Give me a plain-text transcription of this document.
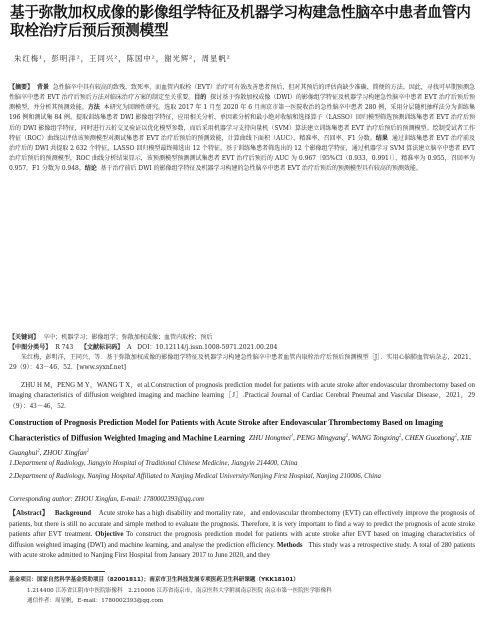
基于弥散加权成像的影像组学特征及机器学习构建急性脑卒中患者血管内取栓治疗后预后预测模型
朱红梅¹，彭明洋²，王同兴²，陈国中²，谢光辉²，周星帆²
【摘要】 背景 急性脑卒中具有较高的致残、致死率，而血管内取栓（EVT）治疗可有效改善患者预后，但对其预后的评估尚缺少准确、简便的方法。因此，寻找可早期预测急性脑卒中患者 EVT 治疗后预后方法对临床治疗方案的制定至关重要。目的 探讨基于弥散加权成像（DWI）的影像组学特征及机器学习构建急性脑卒中患者 EVT 治疗后预后预测模型，并分析其预测效能。方法 本研究为回顾性研究。选取 2017 年 1 月至 2020 年 6 月南京市第一医院收治的急性脑卒中患者 280 例，采用分层随机抽样法分为训练集 196 例和测试集 84 例。提取训练集患者 DWI 影像组学特征，应用相关分析、单因素分析和最小绝对收缩和选择算子（LASSO）回归模型筛选预测训练集患者 EVT 治疗后预后的 DWI 影像组学特征，同时进行五折交叉验证以优化模型参数，而后采用机器学习支持向量机（SVM）算法建立训练集患者 EVT 治疗后预后的预测模型。绘制受试者工作特征（ROC）曲线以评估该预测模型对测试集患者 EVT 治疗后预后的预测效能，计算曲线下面积（AUC）、精准率、召回率、F1 分数。结果 通过训练集患者 EVT 治疗前及治疗后的 DWI 共提取 2 632 个特征，LASSO 回归模型最终筛选出 12 个特征。基于训练集患者筛选出的 12 个影像组学特征，通过机器学习 SVM 算法建立脑卒中患者 EVT 治疗后预后的预测模型，ROC 曲线分析结果显示，该预测模型预测测试集患者 EVT 治疗后预后的 AUC 为 0.967〔95%CI（0.933，0.991）〕，精准率为 0.955，召回率为 0.957，F1 分数为 0.948。结论 基于治疗前后 DWI 的影像组学特征及机器学习构建的急性脑卒中患者 EVT 治疗后预后的预测模型具有较高的预测效能。
【关键词】 卒中；机器学习；影像组学；弥散加权成像；血管内取栓；预后
【中图分类号】 R 743 【文献标识码】 A DOI：10.12114/j.issn.1008-5971.2021.00.204
朱红梅，彭明洋，王同兴，等．基于弥散加权成像的影像组学特征及机器学习构建急性脑卒中患者血管内取栓治疗后预后预测模型［J］．实用心脑肺血管病杂志，2021，29（9）：43－46，52．[www.syxnf.net]
ZHU H M，PENG M Y，WANG T X，et al.Construction of prognosis prediction model for patients with acute stroke after endovascular thrombectomy based on imaging characteristics of diffusion weighted imaging and machine learning［J］.Practical Journal of Cardiac Cerebral Pneumal and Vascular Disease，2021，29（9）：43－46，52.
Construction of Prognosis Prediction Model for Patients with Acute Stroke after Endovascular Thrombectomy Based on Imaging Characteristics of Diffusion Weighted Imaging and Machine Learning ZHU Hongmei$^1$, PENG Mingyang$^2$, WANG Tongxing$^2$, CHEN Guozhong$^2$, XIE Guanghui$^2$, ZHOU Xingfan$^2$
1.Department of Radiology, Jiangyin Hospital of Traditional Chinese Medicine, Jiangyin 214400, China
2.Department of Radiology, Nanjing Hospital Affiliated to Nanjing Medical University/Nanjing First Hospital, Nanjing 210006, China
Corresponding author: ZHOU Xingfan, E-mail: 1780002393@qq.com
【Abstract】 Background Acute stroke has a high disability and mortality rate，and endovascular thrombectomy (EVT) can effectively improve the prognosis of patients, but there is still no accurate and simple method to evaluate the prognosis. Therefore, it is very important to find a way to predict the prognosis of acute stroke patients after EVT treatment. Objective To construct the prognosis prediction model for patients with acute stroke after EVT based on imaging characteristics of diffusion weighted imaging (DWI) and machine learning, and analyse the prediction efficiency. Methods This study was a retrospective study. A total of 280 patients with acute stroke admitted to Nanjing First Hospital from January 2017 to June 2020, and they
基金项目：国家自然科学基金资助项目（82001811）；南京市卫生科技发展专项医药卫生科研课题（YKK18101）
1.214400 江苏省江阴市中医院影像科　2.210006 江苏省南京市，南京医科大学附属南京医院 南京市第一医院医学影像科
通信作者：周星帆，E-mail：1780002393@qq.com
